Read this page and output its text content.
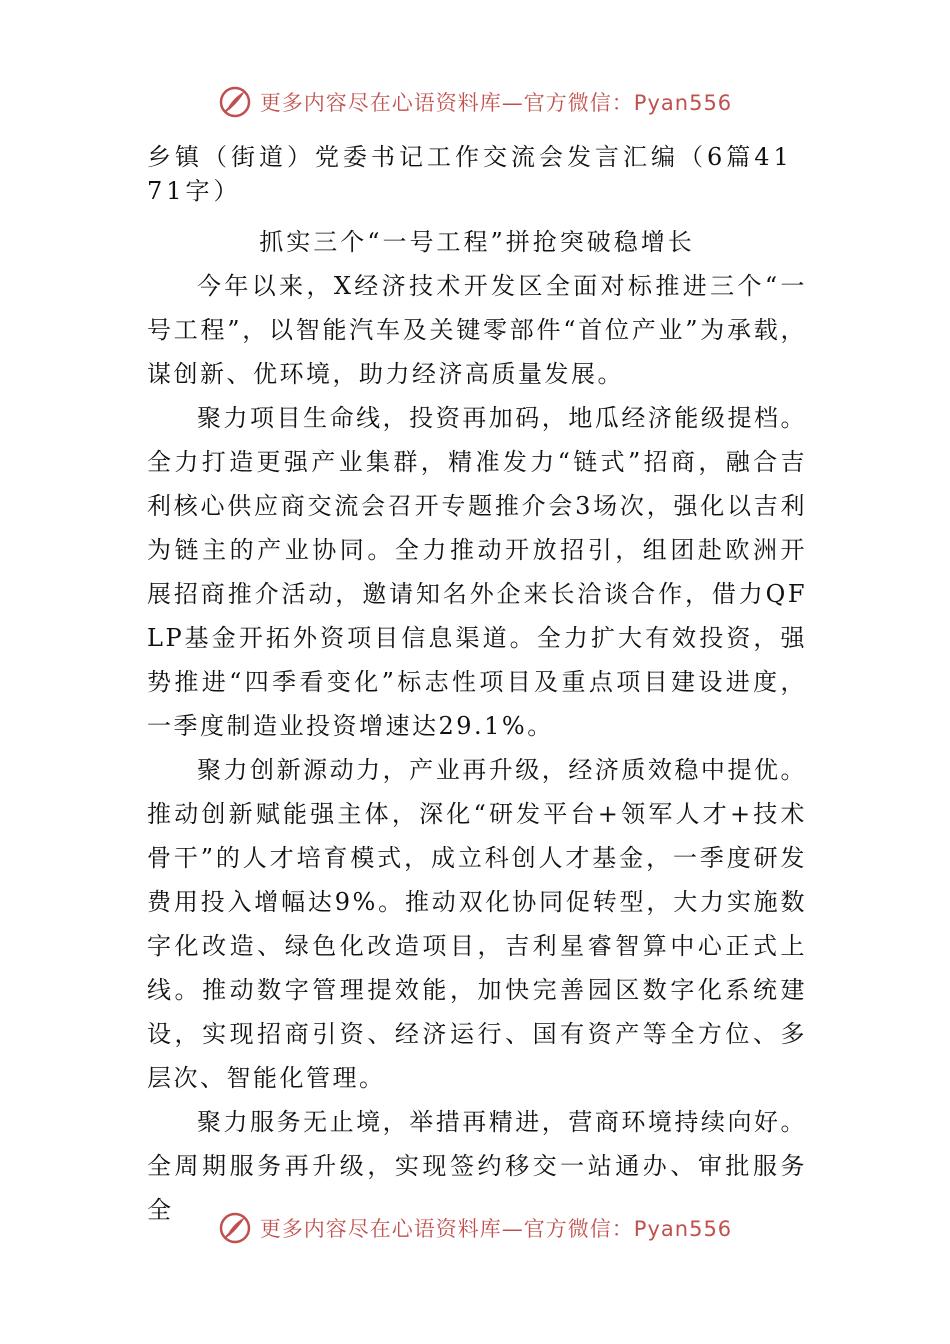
更多内容尽在心语资料库—官方微信：Pyan556

乡镇（街道）党委书记工作交流会发言汇编（6篇4171字）

抓实三个“一号工程”拼抢突破稳增长

今年以来，X经济技术开发区全面对标推进三个“一号工程”，以智能汽车及关键零部件“首位产业”为承载，谋创新、优环境，助力经济高质量发展。

聚力项目生命线，投资再加码，地瓜经济能级提档。全力打造更强产业集群，精准发力“链式”招商，融合吉利核心供应商交流会召开专题推介会3场次，强化以吉利为链主的产业协同。全力推动开放招引，组团赴欧洲开展招商推介活动，邀请知名外企来长洽谈合作，借力QFLP基金开拓外资项目信息渠道。全力扩大有效投资，强势推进“四季看变化”标志性项目及重点项目建设进度，一季度制造业投资增速达29.1%。

聚力创新源动力，产业再升级，经济质效稳中提优。推动创新赋能强主体，深化“研发平台+领军人才+技术骨干”的人才培育模式，成立科创人才基金，一季度研发费用投入增幅达9%。推动双化协同促转型，大力实施数字化改造、绿色化改造项目，吉利星睿智算中心正式上线。推动数字管理提效能，加快完善园区数字化系统建设，实现招商引资、经济运行、国有资产等全方位、多层次、智能化管理。

聚力服务无止境，举措再精进，营商环境持续向好。全周期服务再升级，实现签约移交一站通办、审批服务全

更多内容尽在心语资料库—官方微信：Pyan556
